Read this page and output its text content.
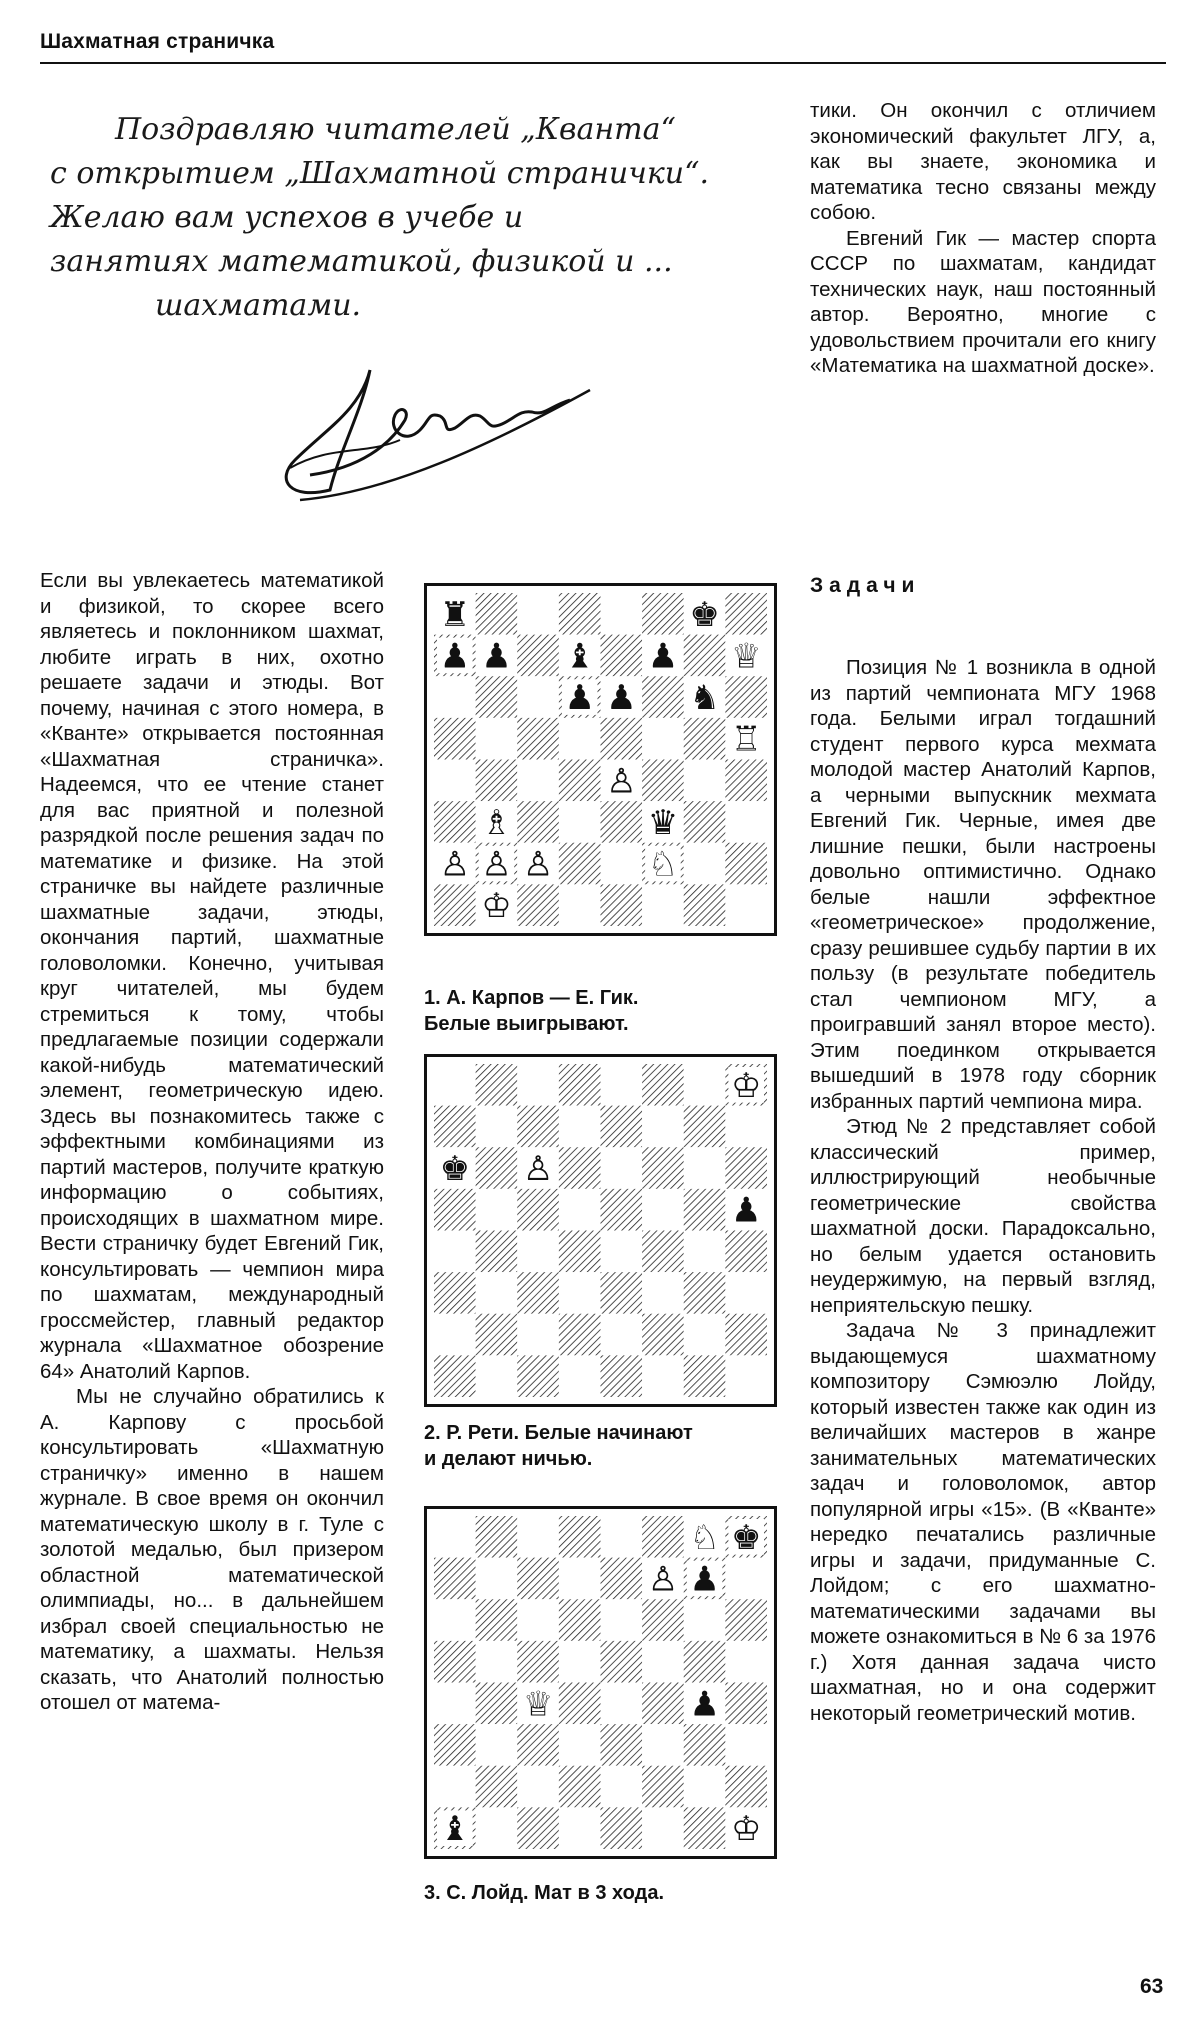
Шахматная страничка
Поздравляю читателей „Кванта“
с открытием „Шахматной странички“.
Желаю вам успехов в учебе и
занятиях математикой, физикой и ...
шахматами.

тики. Он окончил с отличием экономический факультет ЛГУ, а, как вы знаете, экономика и математика тесно связаны между собою.

Евгений Гик — мастер спорта СССР по шахматам, кандидат технических наук, наш постоянный автор. Вероятно, многие с удовольствием прочитали его книгу «Математика на шахматной доске».

Если вы увлекаетесь математикой и физикой, то скорее всего являетесь и поклонником шахмат, любите играть в них, охотно решаете задачи и этюды. Вот почему, начиная с этого номера, в «Кванте» открывается постоянная «Шахматная страничка». Надеемся, что ее чтение станет для вас приятной и полезной разрядкой после решения задач по математике и физике. На этой страничке вы найдете различные шахматные задачи, этюды, окончания партий, шахматные головоломки. Конечно, учитывая круг читателей, мы будем стремиться к тому, чтобы предлагаемые позиции содержали какой-нибудь математический элемент, геометрическую идею. Здесь вы познакомитесь также с эффектными комбинациями из партий мастеров, получите краткую информацию о событиях, происходящих в шахматном мире. Вести страничку будет Евгений Гик, консультировать — чемпион мира по шахматам, международный гроссмейстер, главный редактор журнала «Шахматное обозрение 64» Анатолий Карпов.

Мы не случайно обратились к А. Карпову с просьбой консультировать «Шахматную страничку» именно в нашем журнале. В свое время он окончил математическую школу в г. Туле с золотой медалью, был призером областной математической олимпиады, но... в дальнейшем избрал своей специальностью не математику, а шахматы. Нельзя сказать, что Анатолий полностью отошел от матема-

Задачи

Позиция № 1 возникла в одной из партий чемпионата МГУ 1968 года. Белыми играл тогдашний студент первого курса мехмата молодой мастер Анатолий Карпов, а черными выпускник мехмата Евгений Гик. Черные, имея две лишние пешки, были настроены довольно оптимистично. Однако белые нашли эффектное «геометрическое» продолжение, сразу решившее судьбу партии в их пользу (в результате победитель стал чемпионом МГУ, а проигравший занял второе место). Этим поединком открывается вышедший в 1978 году сборник избранных партий чемпиона мира.

Этюд № 2 представляет собой классический пример, иллюстрирующий необычные геометрические свойства шахматной доски. Парадоксально, но белым удается остановить неудержимую, на первый взгляд, неприятельскую пешку.

Задача № 3 принадлежит выдающемуся шахматному композитору Сэмюэлю Лойду, который известен также как один из величайших мастеров в жанре занимательных математических задач и головоломок, автор популярной игры «15». (В «Кванте» нередко печатались различные игры и задачи, придуманные С. Лойдом; с его шахматно-математическими задачами вы можете ознакомиться в № 6 за 1976 г.) Хотя данная задача чисто шахматная, но и она содержит некоторый геометрический мотив.

♜	♚
♟ ♟ ♝ ♟ ♕
♟ ♟ ♞
♖
♙
♗	♛
♙ ♙ ♙	♘
♔
1. А. Карпов — Е. Гик.
Белые выигрывают.
♔
♚ ♙
♟
2. Р. Рети. Белые начинают
и делают ничью.
♘ ♚
♙ ♟
♕	♟
♝	♔
3. С. Лойд. Мат в 3 хода.
63
